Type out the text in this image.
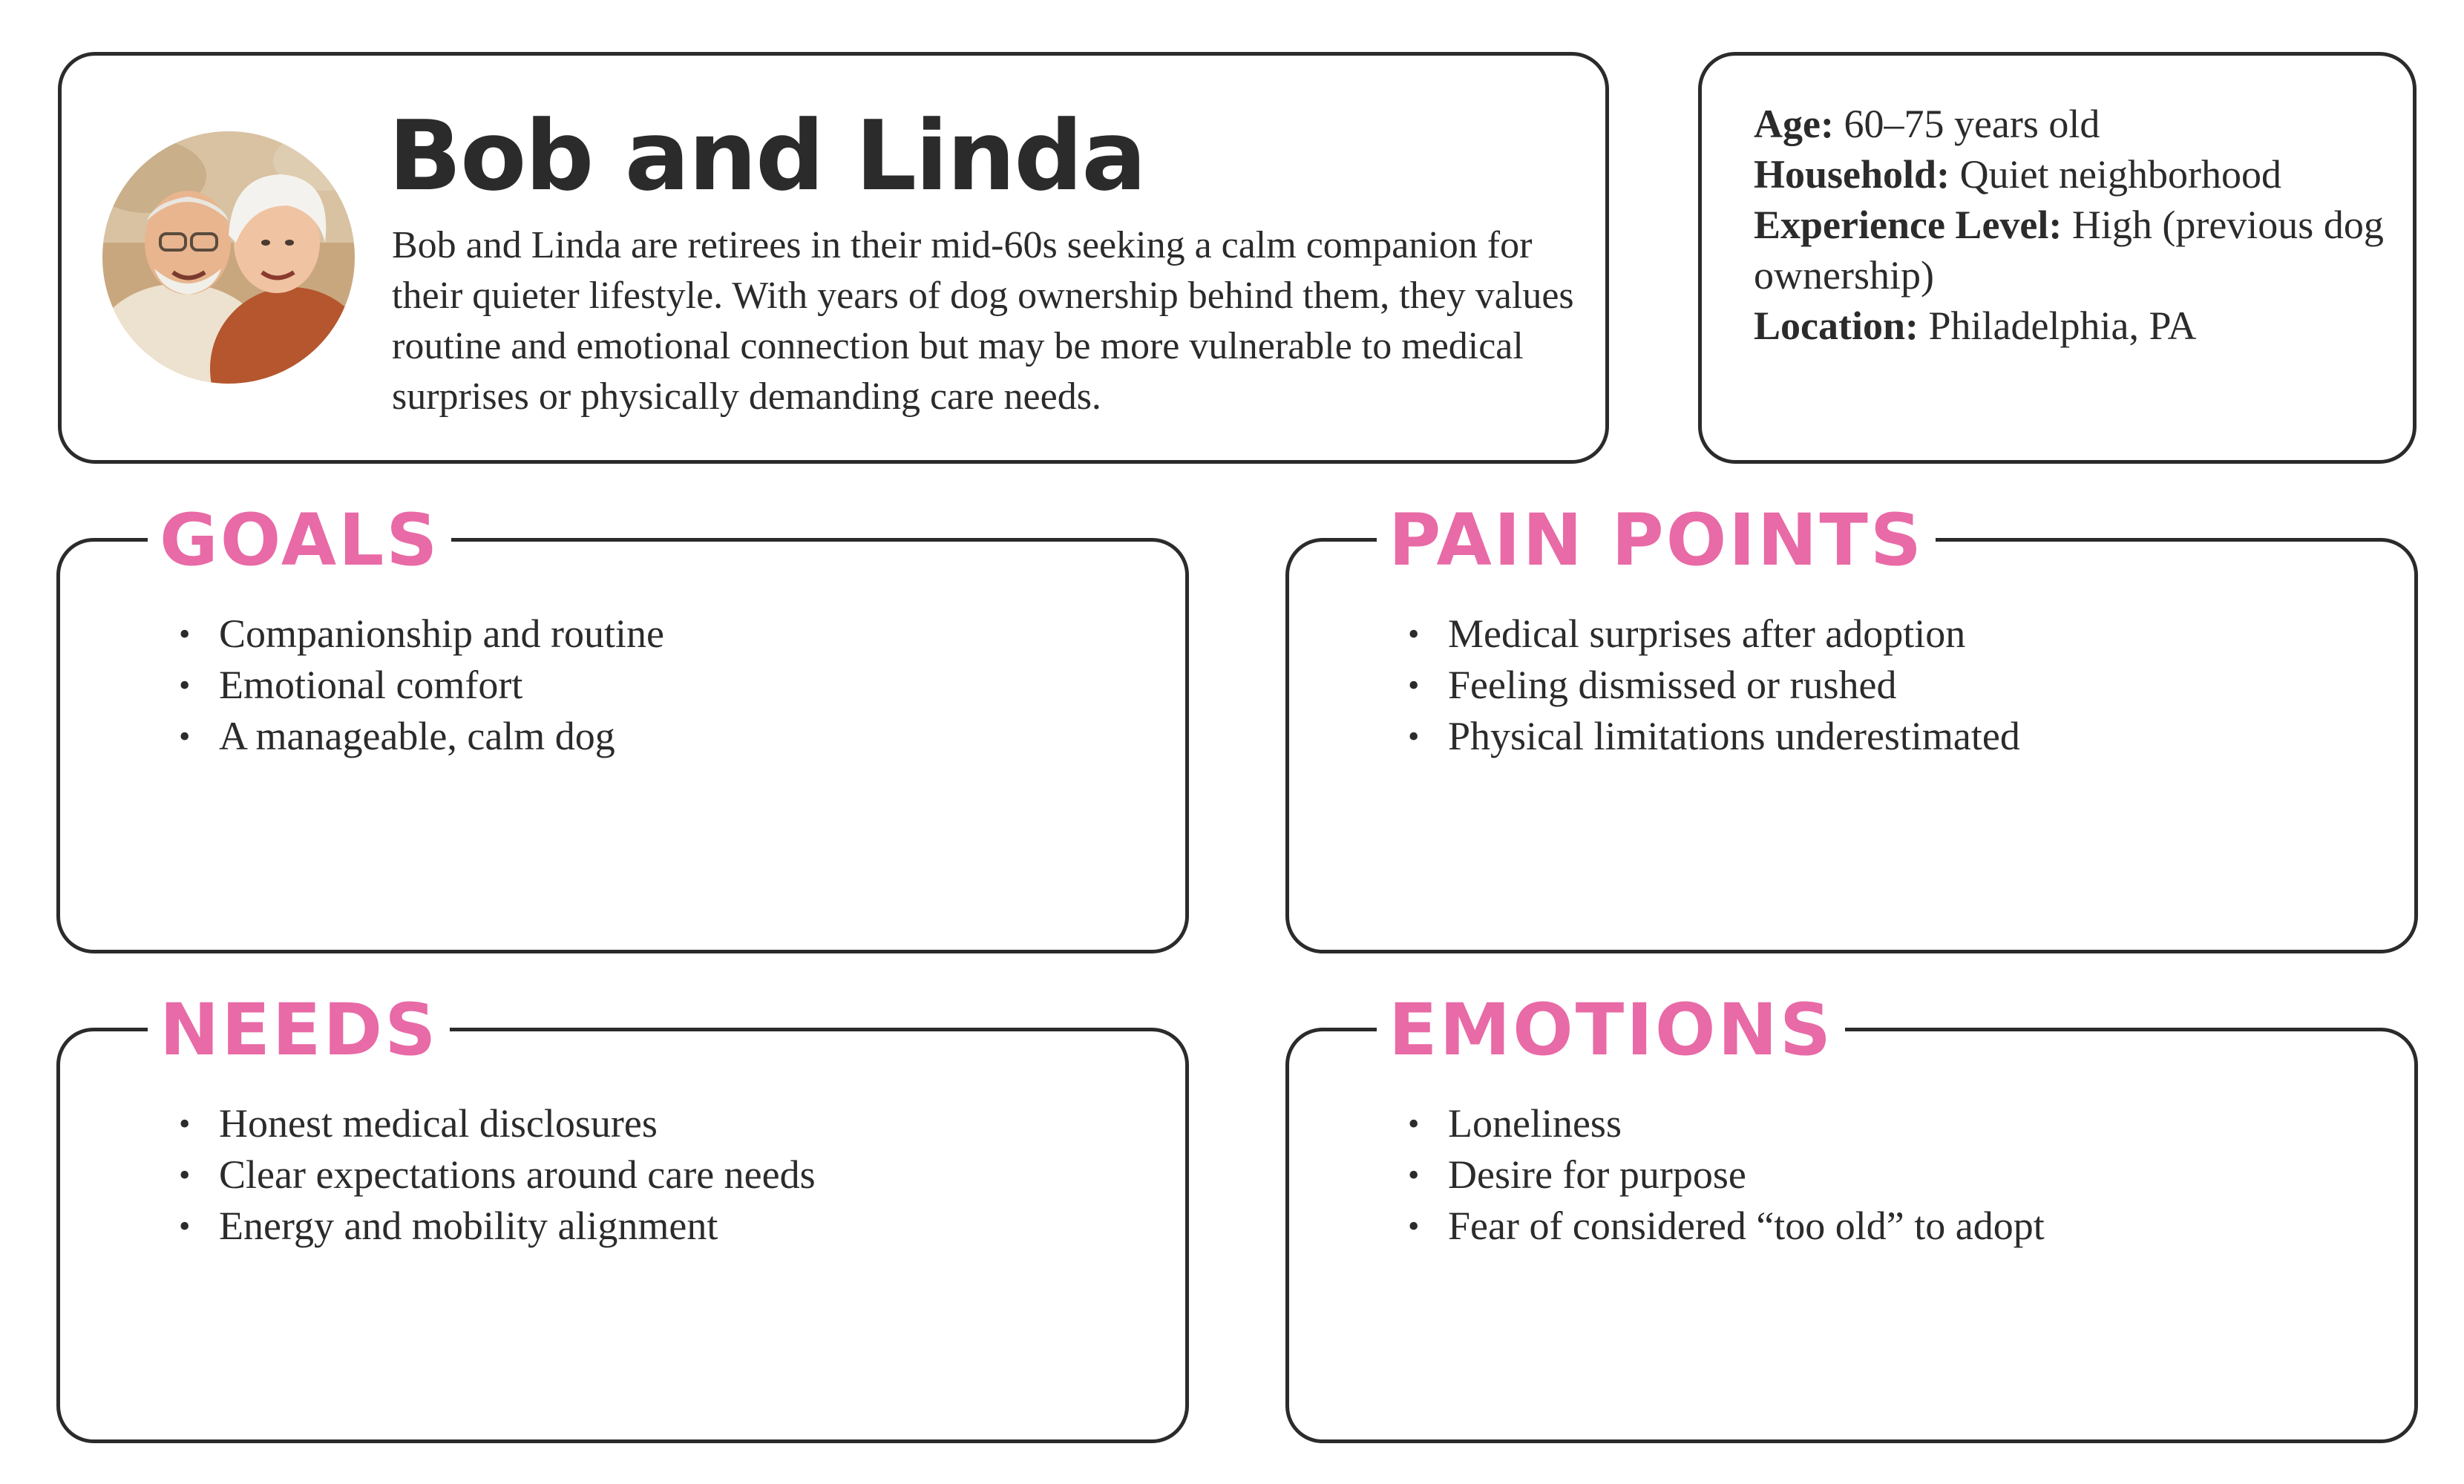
Bob and Linda

Bob and Linda are retirees in their mid-60s seeking a calm companion for their quieter lifestyle. With years of dog ownership behind them, they values routine and emotional connection but may be more vulnerable to medical surprises or physically demanding care needs.

Age: 60–75 years old
Household: Quiet neighborhood
Experience Level: High (previous dog ownership)
Location: Philadelphia, PA
GOALS
• Companionship and routine
• Emotional comfort
• A manageable, calm dog
PAIN POINTS
• Medical surprises after adoption
• Feeling dismissed or rushed
• Physical limitations underestimated
NEEDS
• Honest medical disclosures
• Clear expectations around care needs
• Energy and mobility alignment
EMOTIONS
• Loneliness
• Desire for purpose
• Fear of considered “too old” to adopt
